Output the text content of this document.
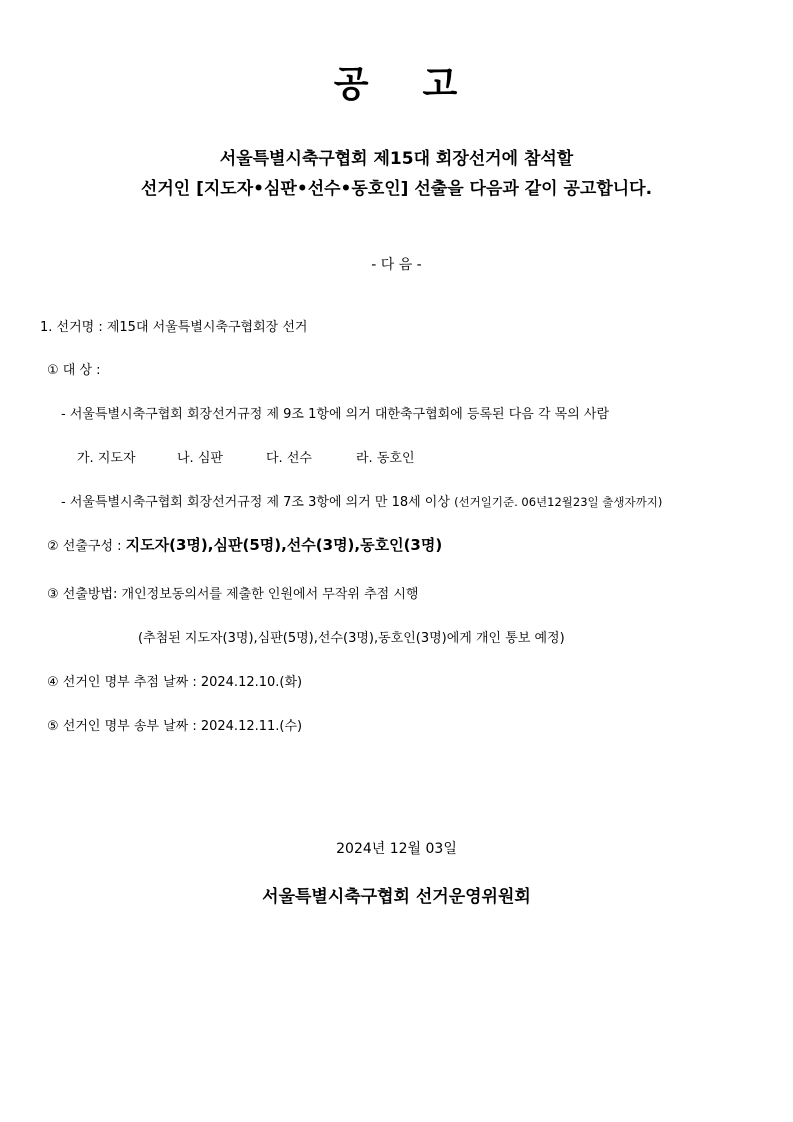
공 고
서울특별시축구협회 제15대 회장선거에 참석할
선거인 [지도자•심판•선수•동호인] 선출을 다음과 같이 공고합니다.
- 다 음 -
1. 선거명 : 제15대 서울특별시축구협회장 선거
① 대 상 :
- 서울특별시축구협회 회장선거규정 제 9조 1항에 의거 대한축구협회에 등록된 다음 각 목의 사람
가. 지도자	나. 심판	다. 선수	라. 동호인
- 서울특별시축구협회 회장선거규정 제 7조 3항에 의거 만 18세 이상 (선거일기준. 06년12월23일 출생자까지)
② 선출구성 : 지도자(3명),심판(5명),선수(3명),동호인(3명)
③ 선출방법: 개인정보동의서를 제출한 인원에서 무작위 추점 시행
(추첨된 지도자(3명),심판(5명),선수(3명),동호인(3명)에게 개인 통보 예정)
④ 선거인 명부 추점 날짜 : 2024.12.10.(화)
⑤ 선거인 명부 송부 날짜 : 2024.12.11.(수)
2024년 12월 03일
서울특별시축구협회 선거운영위원회
